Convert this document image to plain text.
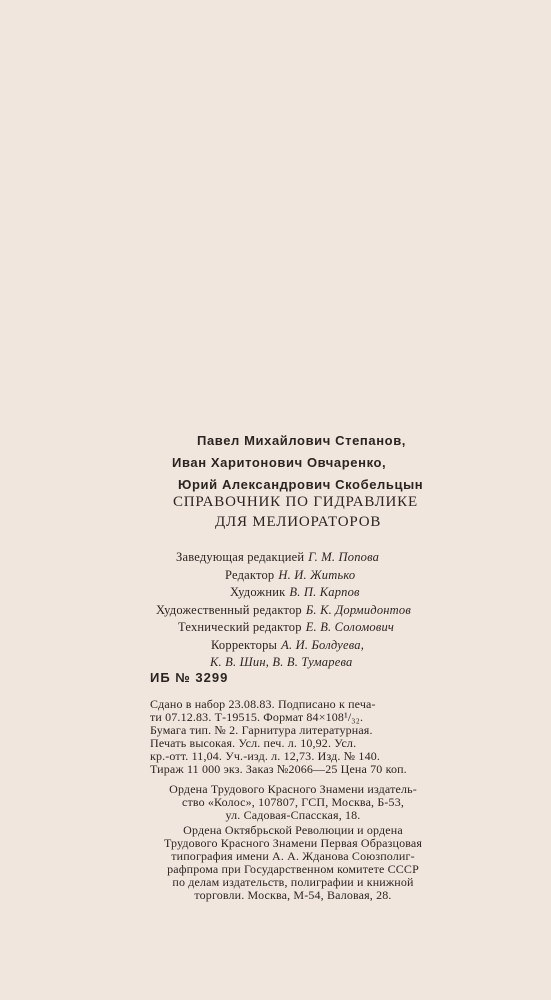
Павел Михайлович Степанов,
Иван Харитонович Овчаренко,
Юрий Александрович Скобельцын
СПРАВОЧНИК ПО ГИДРАВЛИКЕ
ДЛЯ МЕЛИОРАТОРОВ
Заведующая редакцией Г. М. Попова
Редактор Н. И. Житько
Художник В. П. Карпов
Художественный редактор Б. К. Дормидонтов
Технический редактор Е. В. Соломович
Корректоры А. И. Болдуева,
К. В. Шин, В. В. Тумарева
ИБ № 3299
Сдано в набор 23.08.83. Подписано к печа-
ти 07.12.83. Т-19515. Формат 84×108¹/₃₂.
Бумага тип. № 2. Гарнитура литературная.
Печать высокая. Усл. печ. л. 10,92. Усл.
кр.-отт. 11,04. Уч.-изд. л. 12,73. Изд. № 140.
Тираж 11 000 экз. Заказ №2066—25 Цена 70 коп.
Ордена Трудового Красного Знамени издатель-
ство «Колос», 107807, ГСП, Москва, Б-53,
ул. Садовая-Спасская, 18.
Ордена Октябрьской Революции и ордена
Трудового Красного Знамени Первая Образцовая
типография имени А. А. Жданова Союзполиг-
рафпрома при Государственном комитете СССР
по делам издательств, полиграфии и книжной
торговли. Москва, М-54, Валовая, 28.
